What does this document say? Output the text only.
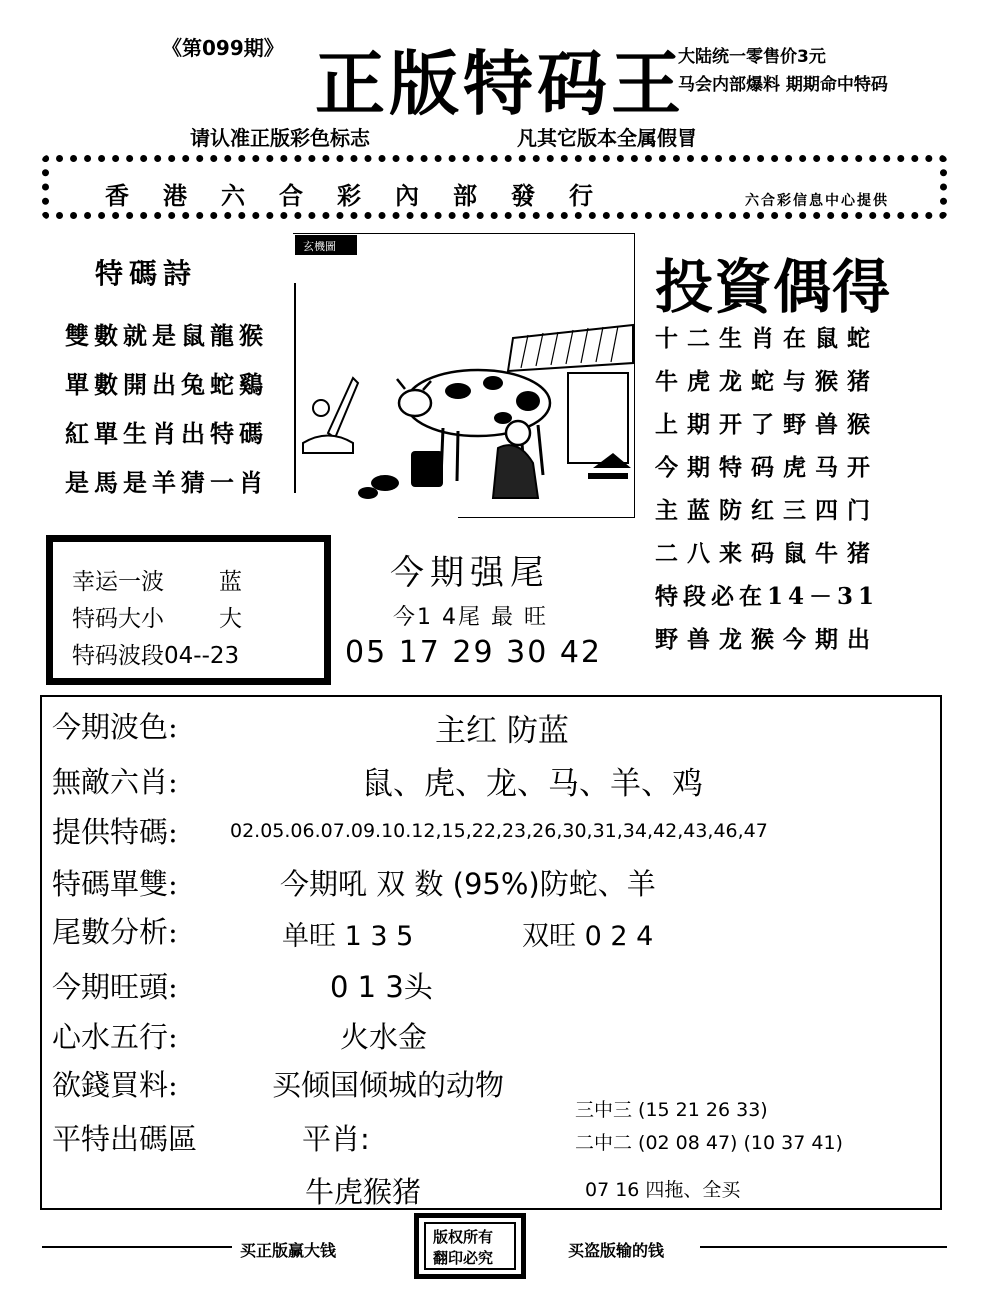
《第099期》 正版特码王
大陆统一零售价3元
马会内部爆料 期期命中特码
请认准正版彩色标志	凡其它版本全属假冒
香港六合彩內部發行	六合彩信息中心提供
特碼詩
雙數就是鼠龍猴
單數開出兔蛇鷄
紅單生肖出特碼
是馬是羊猜一肖
玄機圖
投資偶得
十二生肖在鼠蛇
牛虎龙蛇与猴猪
上期开了野兽猴
今期特码虎马开
主蓝防红三四门
二八来码鼠牛猪
特段必在14－31
野兽龙猴今期出
幸运一波 蓝
特码大小 大
特码波段04--23
今期强尾
今1 4尾 最 旺
05 17 29 30 42
今期波色:	主红 防蓝
無敵六肖:	鼠、虎、龙、马、羊、鸡
提供特碼:	02.05.06.07.09.10.12,15,22,23,26,30,31,34,42,43,46,47
特碼單雙:	今期吼 双 数 (95%)防蛇、羊
尾數分析:	单旺 1 3 5	双旺 0 2 4
今期旺頭:	0 1 3头
心水五行:	火水金
欲錢買料:	买倾国倾城的动物
平特出碼區	平肖:
牛虎猴猪
三中三 (15 21 26 33)
二中二 (02 08 47) (10 37 41)
07 16 四拖、全买
买正版赢大钱
版权所有
翻印必究	买盗版输的钱
